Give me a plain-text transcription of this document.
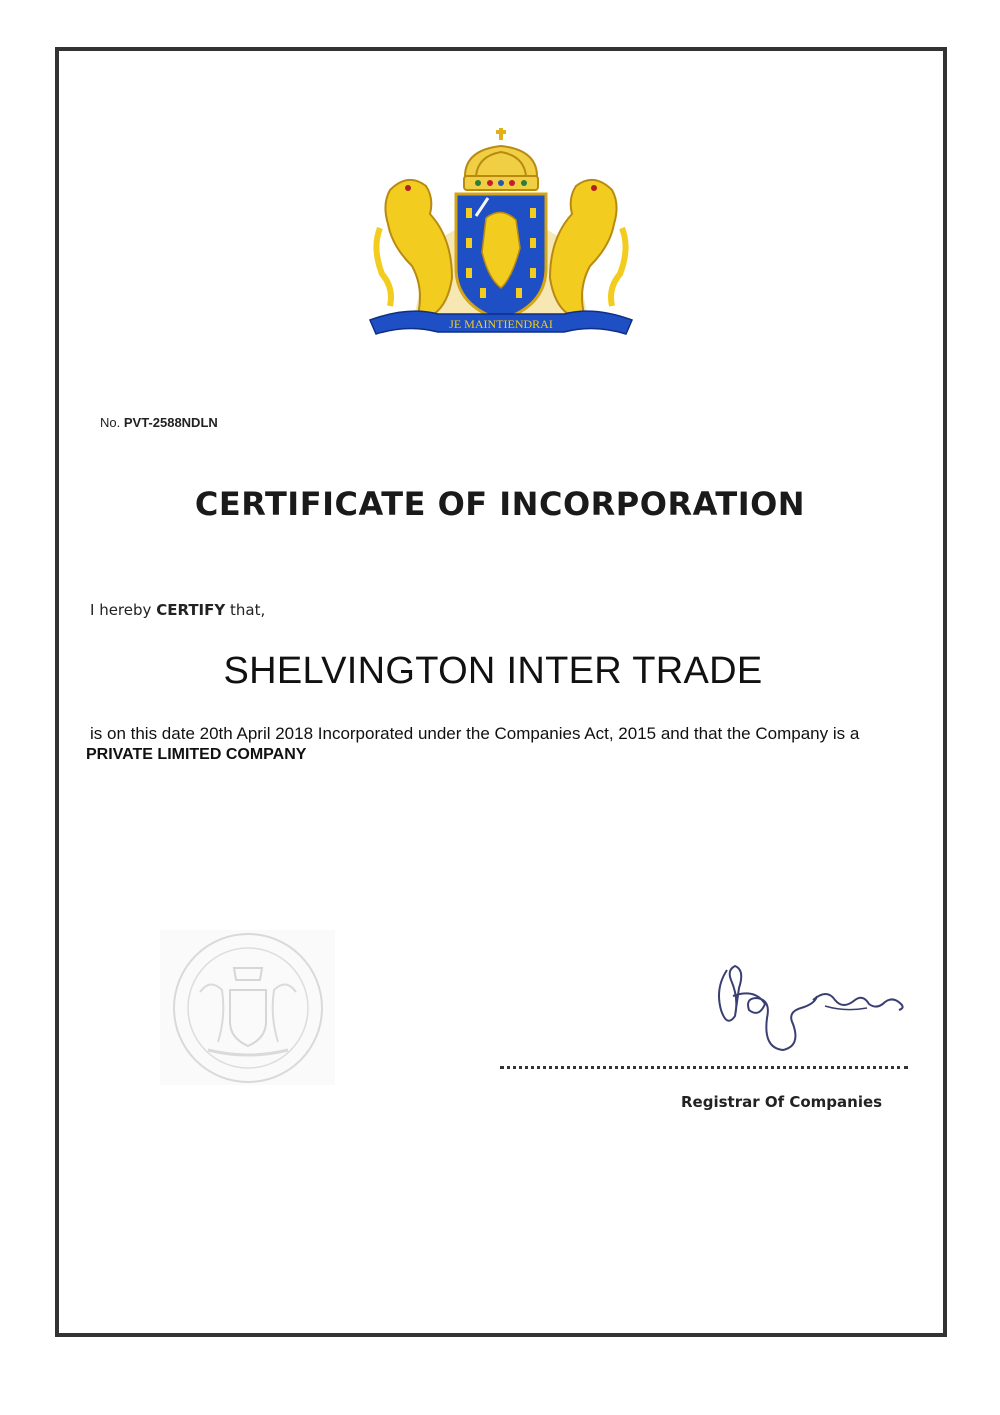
JE MAINTIENDRAI
No. PVT-2588NDLN
CERTIFICATE OF INCORPORATION
I hereby CERTIFY that,
SHELVINGTON INTER TRADE
is on this date 20th April 2018 Incorporated under the Companies Act, 2015 and that the Company is a
PRIVATE LIMITED COMPANY
Registrar Of Companies
